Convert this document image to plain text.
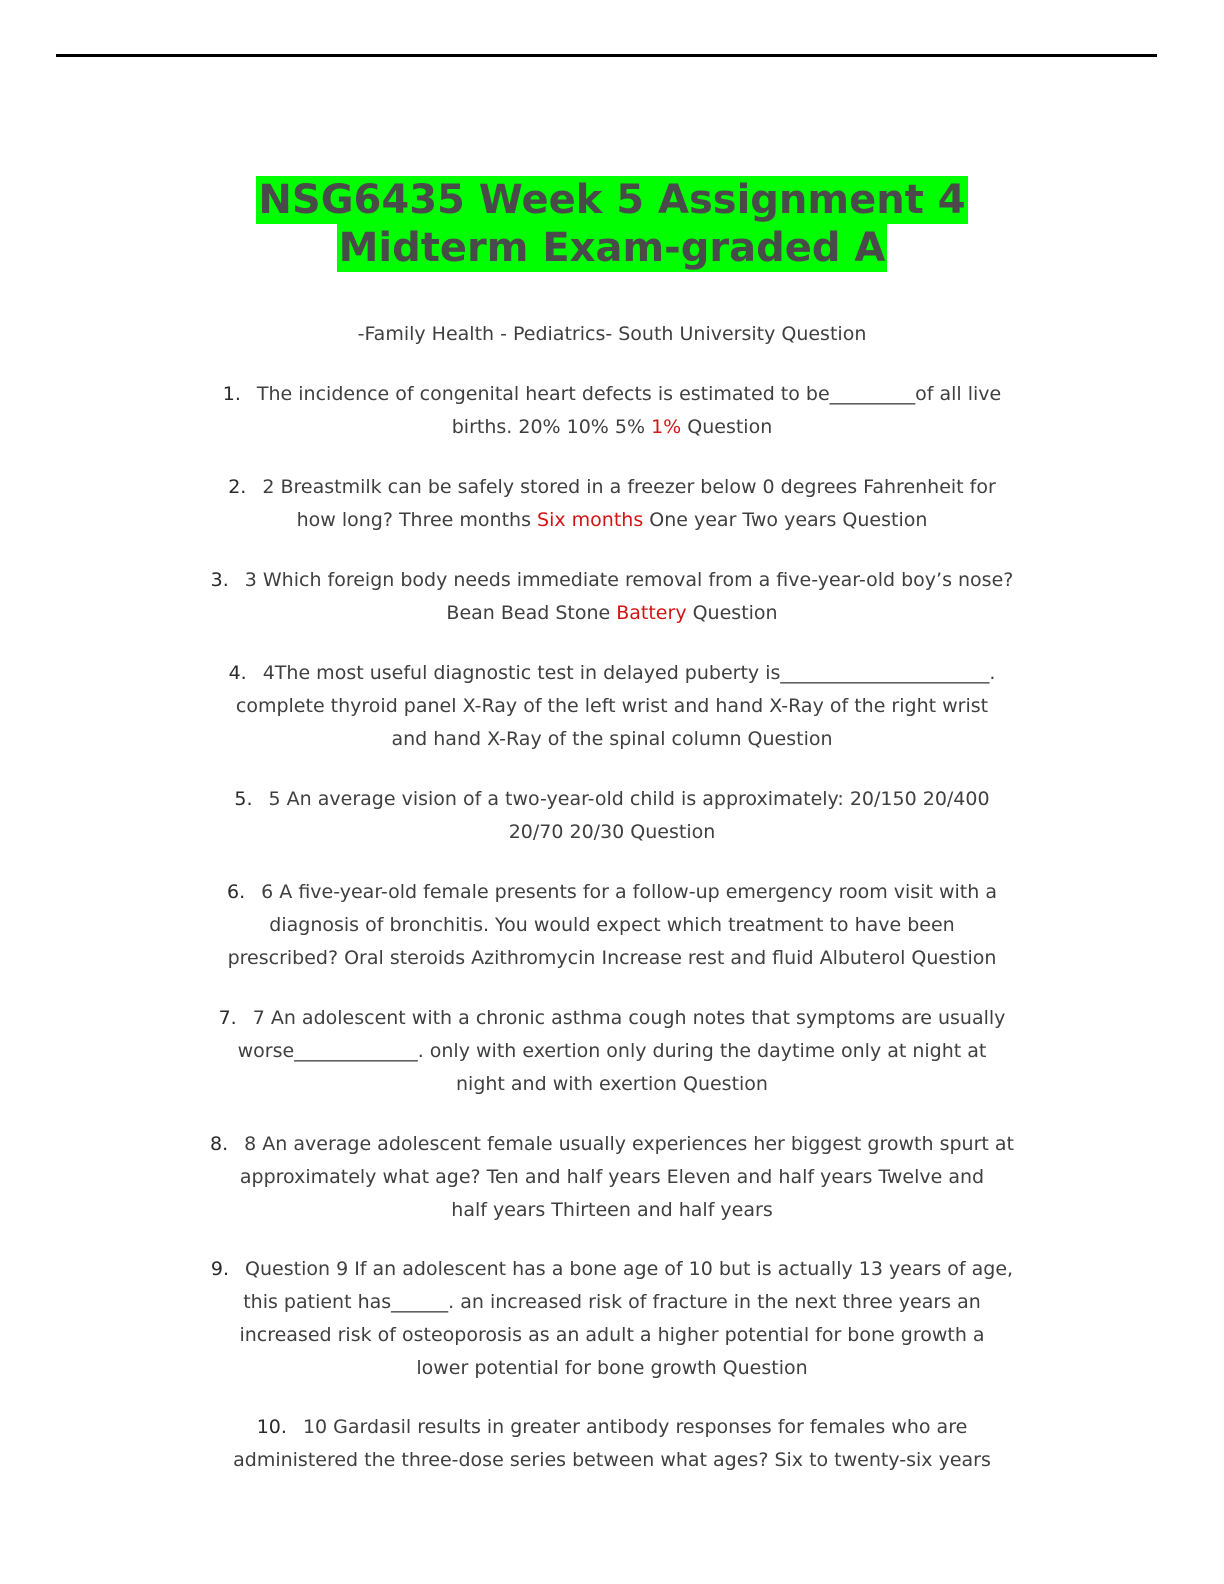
NSG6435 Week 5 Assignment 4
Midterm Exam-graded A
-Family Health - Pediatrics- South University Question
1. The incidence of congenital heart defects is estimated to be_________of all live
births. 20% 10% 5% 1% Question
2. 2 Breastmilk can be safely stored in a freezer below 0 degrees Fahrenheit for
how long? Three months Six months One year Two years Question
3. 3 Which foreign body needs immediate removal from a five-year-old boy’s nose?
Bean Bead Stone Battery Question
4. 4The most useful diagnostic test in delayed puberty is______________________.
complete thyroid panel X-Ray of the left wrist and hand X-Ray of the right wrist
and hand X-Ray of the spinal column Question
5. 5 An average vision of a two-year-old child is approximately: 20/150 20/400
20/70 20/30 Question
6. 6 A five-year-old female presents for a follow-up emergency room visit with a
diagnosis of bronchitis. You would expect which treatment to have been
prescribed? Oral steroids Azithromycin Increase rest and fluid Albuterol Question
7. 7 An adolescent with a chronic asthma cough notes that symptoms are usually
worse_____________. only with exertion only during the daytime only at night at
night and with exertion Question
8. 8 An average adolescent female usually experiences her biggest growth spurt at
approximately what age? Ten and half years Eleven and half years Twelve and
half years Thirteen and half years
9. Question 9 If an adolescent has a bone age of 10 but is actually 13 years of age,
this patient has______. an increased risk of fracture in the next three years an
increased risk of osteoporosis as an adult a higher potential for bone growth a
lower potential for bone growth Question
10. 10 Gardasil results in greater antibody responses for females who are
administered the three-dose series between what ages? Six to twenty-six years
